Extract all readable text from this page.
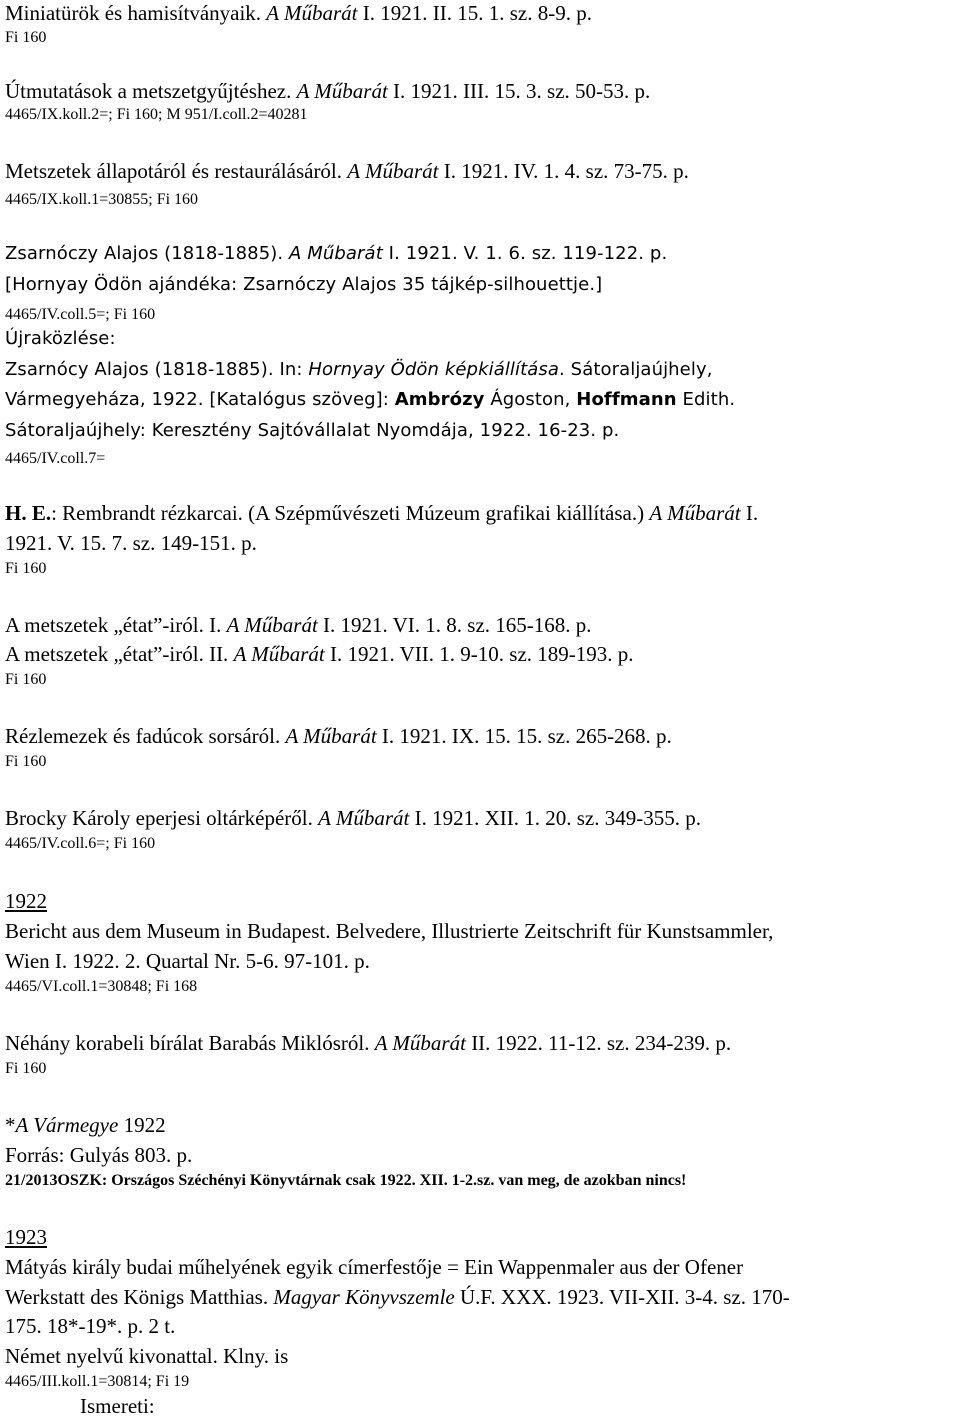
Miniatürök és hamisítványaik. A Műbarát I. 1921. II. 15. 1. sz. 8-9. p.
Fi 160
Útmutatások a metszetgyűjtéshez. A Műbarát I. 1921. III. 15. 3. sz. 50-53. p.
4465/IX.koll.2=; Fi 160; M 951/I.coll.2=40281
Metszetek állapotáról és restaurálásáról. A Műbarát I. 1921. IV. 1. 4. sz. 73-75. p.
4465/IX.koll.1=30855; Fi 160
Zsarnóczy Alajos (1818-1885). A Műbarát I. 1921. V. 1. 6. sz. 119-122. p.
[Hornyay Ödön ajándéka: Zsarnóczy Alajos 35 tájkép-silhouettje.]
4465/IV.coll.5=; Fi 160
Újraközlése:
Zsarnócy Alajos (1818-1885). In: Hornyay Ödön képkiállítása. Sátoraljaújhely,
Vármegyeháza, 1922. [Katalógus szöveg]: Ambrózy Ágoston, Hoffmann Edith.
Sátoraljaújhely: Keresztény Sajtóvállalat Nyomdája, 1922. 16-23. p.
4465/IV.coll.7=
H. E.: Rembrandt rézkarcai. (A Szépművészeti Múzeum grafikai kiállítása.) A Műbarát I.
1921. V. 15. 7. sz. 149-151. p.
Fi 160
A metszetek „état”-iról. I. A Műbarát I. 1921. VI. 1. 8. sz. 165-168. p.
A metszetek „état”-iról. II. A Műbarát I. 1921. VII. 1. 9-10. sz. 189-193. p.
Fi 160
Rézlemezek és fadúcok sorsáról. A Műbarát I. 1921. IX. 15. 15. sz. 265-268. p.
Fi 160
Brocky Károly eperjesi oltárképéről. A Műbarát I. 1921. XII. 1. 20. sz. 349-355. p.
4465/IV.coll.6=; Fi 160
1922
Bericht aus dem Museum in Budapest. Belvedere, Illustrierte Zeitschrift für Kunstsammler,
Wien I. 1922. 2. Quartal Nr. 5-6. 97-101. p.
4465/VI.coll.1=30848; Fi 168
Néhány korabeli bírálat Barabás Miklósról. A Műbarát II. 1922. 11-12. sz. 234-239. p.
Fi 160
*A Vármegye 1922
Forrás: Gulyás 803. p.
21/2013OSZK: Országos Széchényi Könyvtárnak csak 1922. XII. 1-2.sz. van meg, de azokban nincs!
1923
Mátyás király budai műhelyének egyik címerfestője = Ein Wappenmaler aus der Ofener
Werkstatt des Königs Matthias. Magyar Könyvszemle Ú.F. XXX. 1923. VII-XII. 3-4. sz. 170-
175. 18*-19*. p. 2 t.
Német nyelvű kivonattal. Klny. is
4465/III.koll.1=30814; Fi 19
Ismereti:
